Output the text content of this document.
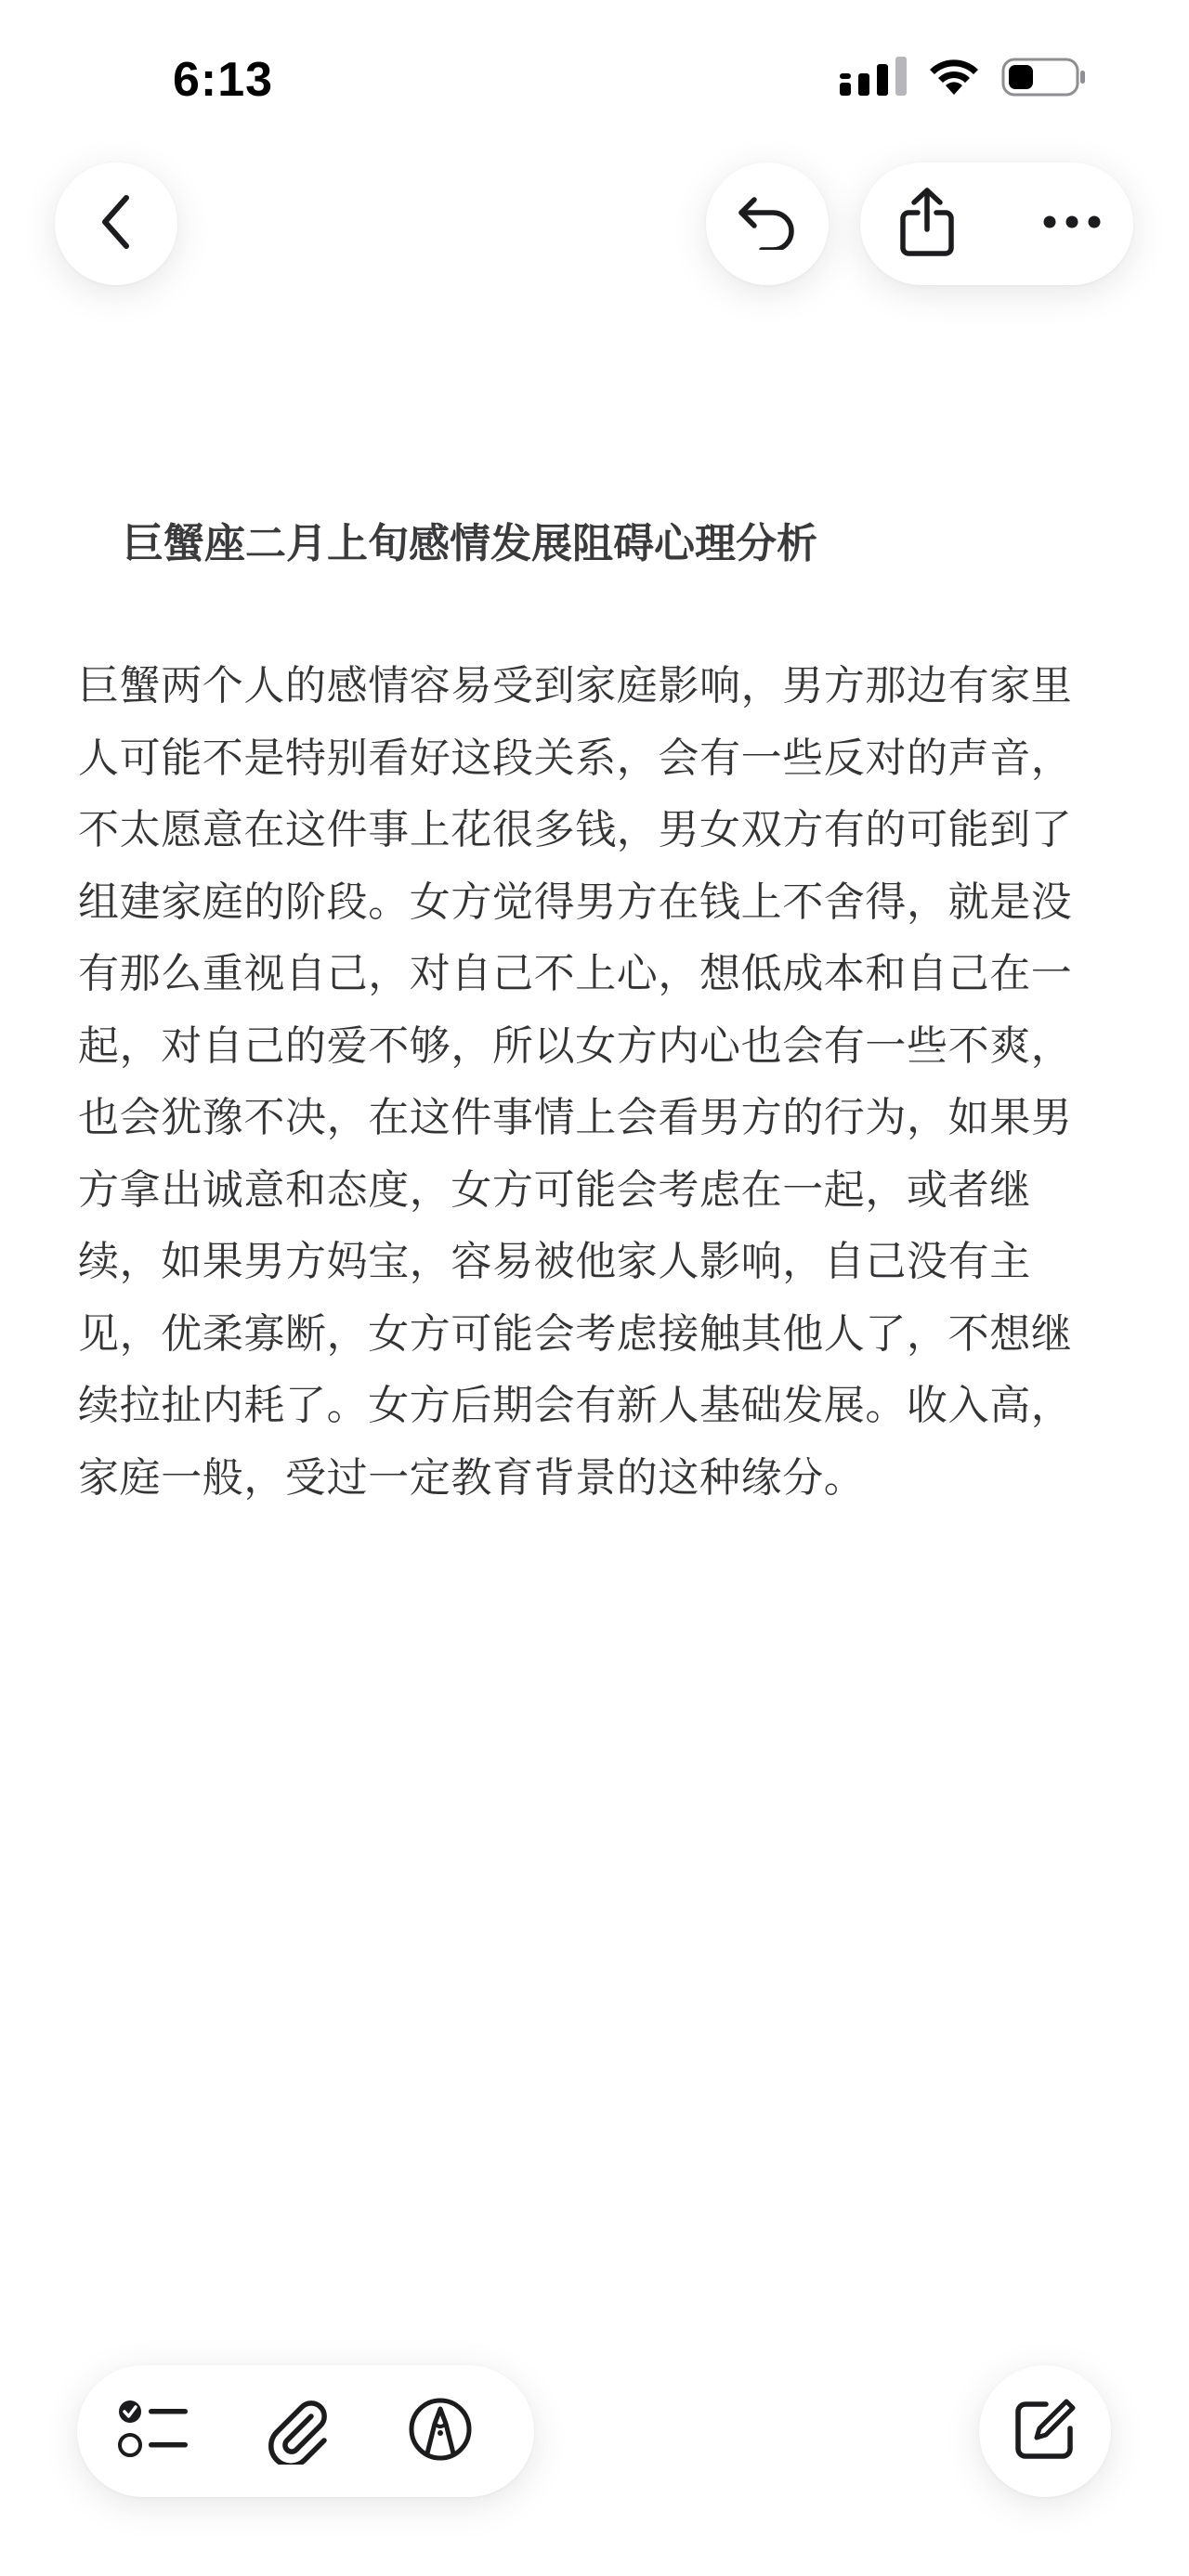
6:13
巨蟹座二月上旬感情发展阻碍心理分析
巨蟹两个人的感情容易受到家庭影响，男方那边有家里人可能不是特别看好这段关系，会有一些反对的声音，不太愿意在这件事上花很多钱，男女双方有的可能到了组建家庭的阶段。女方觉得男方在钱上不舍得，就是没有那么重视自己，对自己不上心，想低成本和自己在一起，对自己的爱不够，所以女方内心也会有一些不爽，也会犹豫不决，在这件事情上会看男方的行为，如果男方拿出诚意和态度，女方可能会考虑在一起，或者继续，如果男方妈宝，容易被他家人影响，自己没有主见，优柔寡断，女方可能会考虑接触其他人了，不想继续拉扯内耗了。女方后期会有新人基础发展。收入高，家庭一般，受过一定教育背景的这种缘分。
